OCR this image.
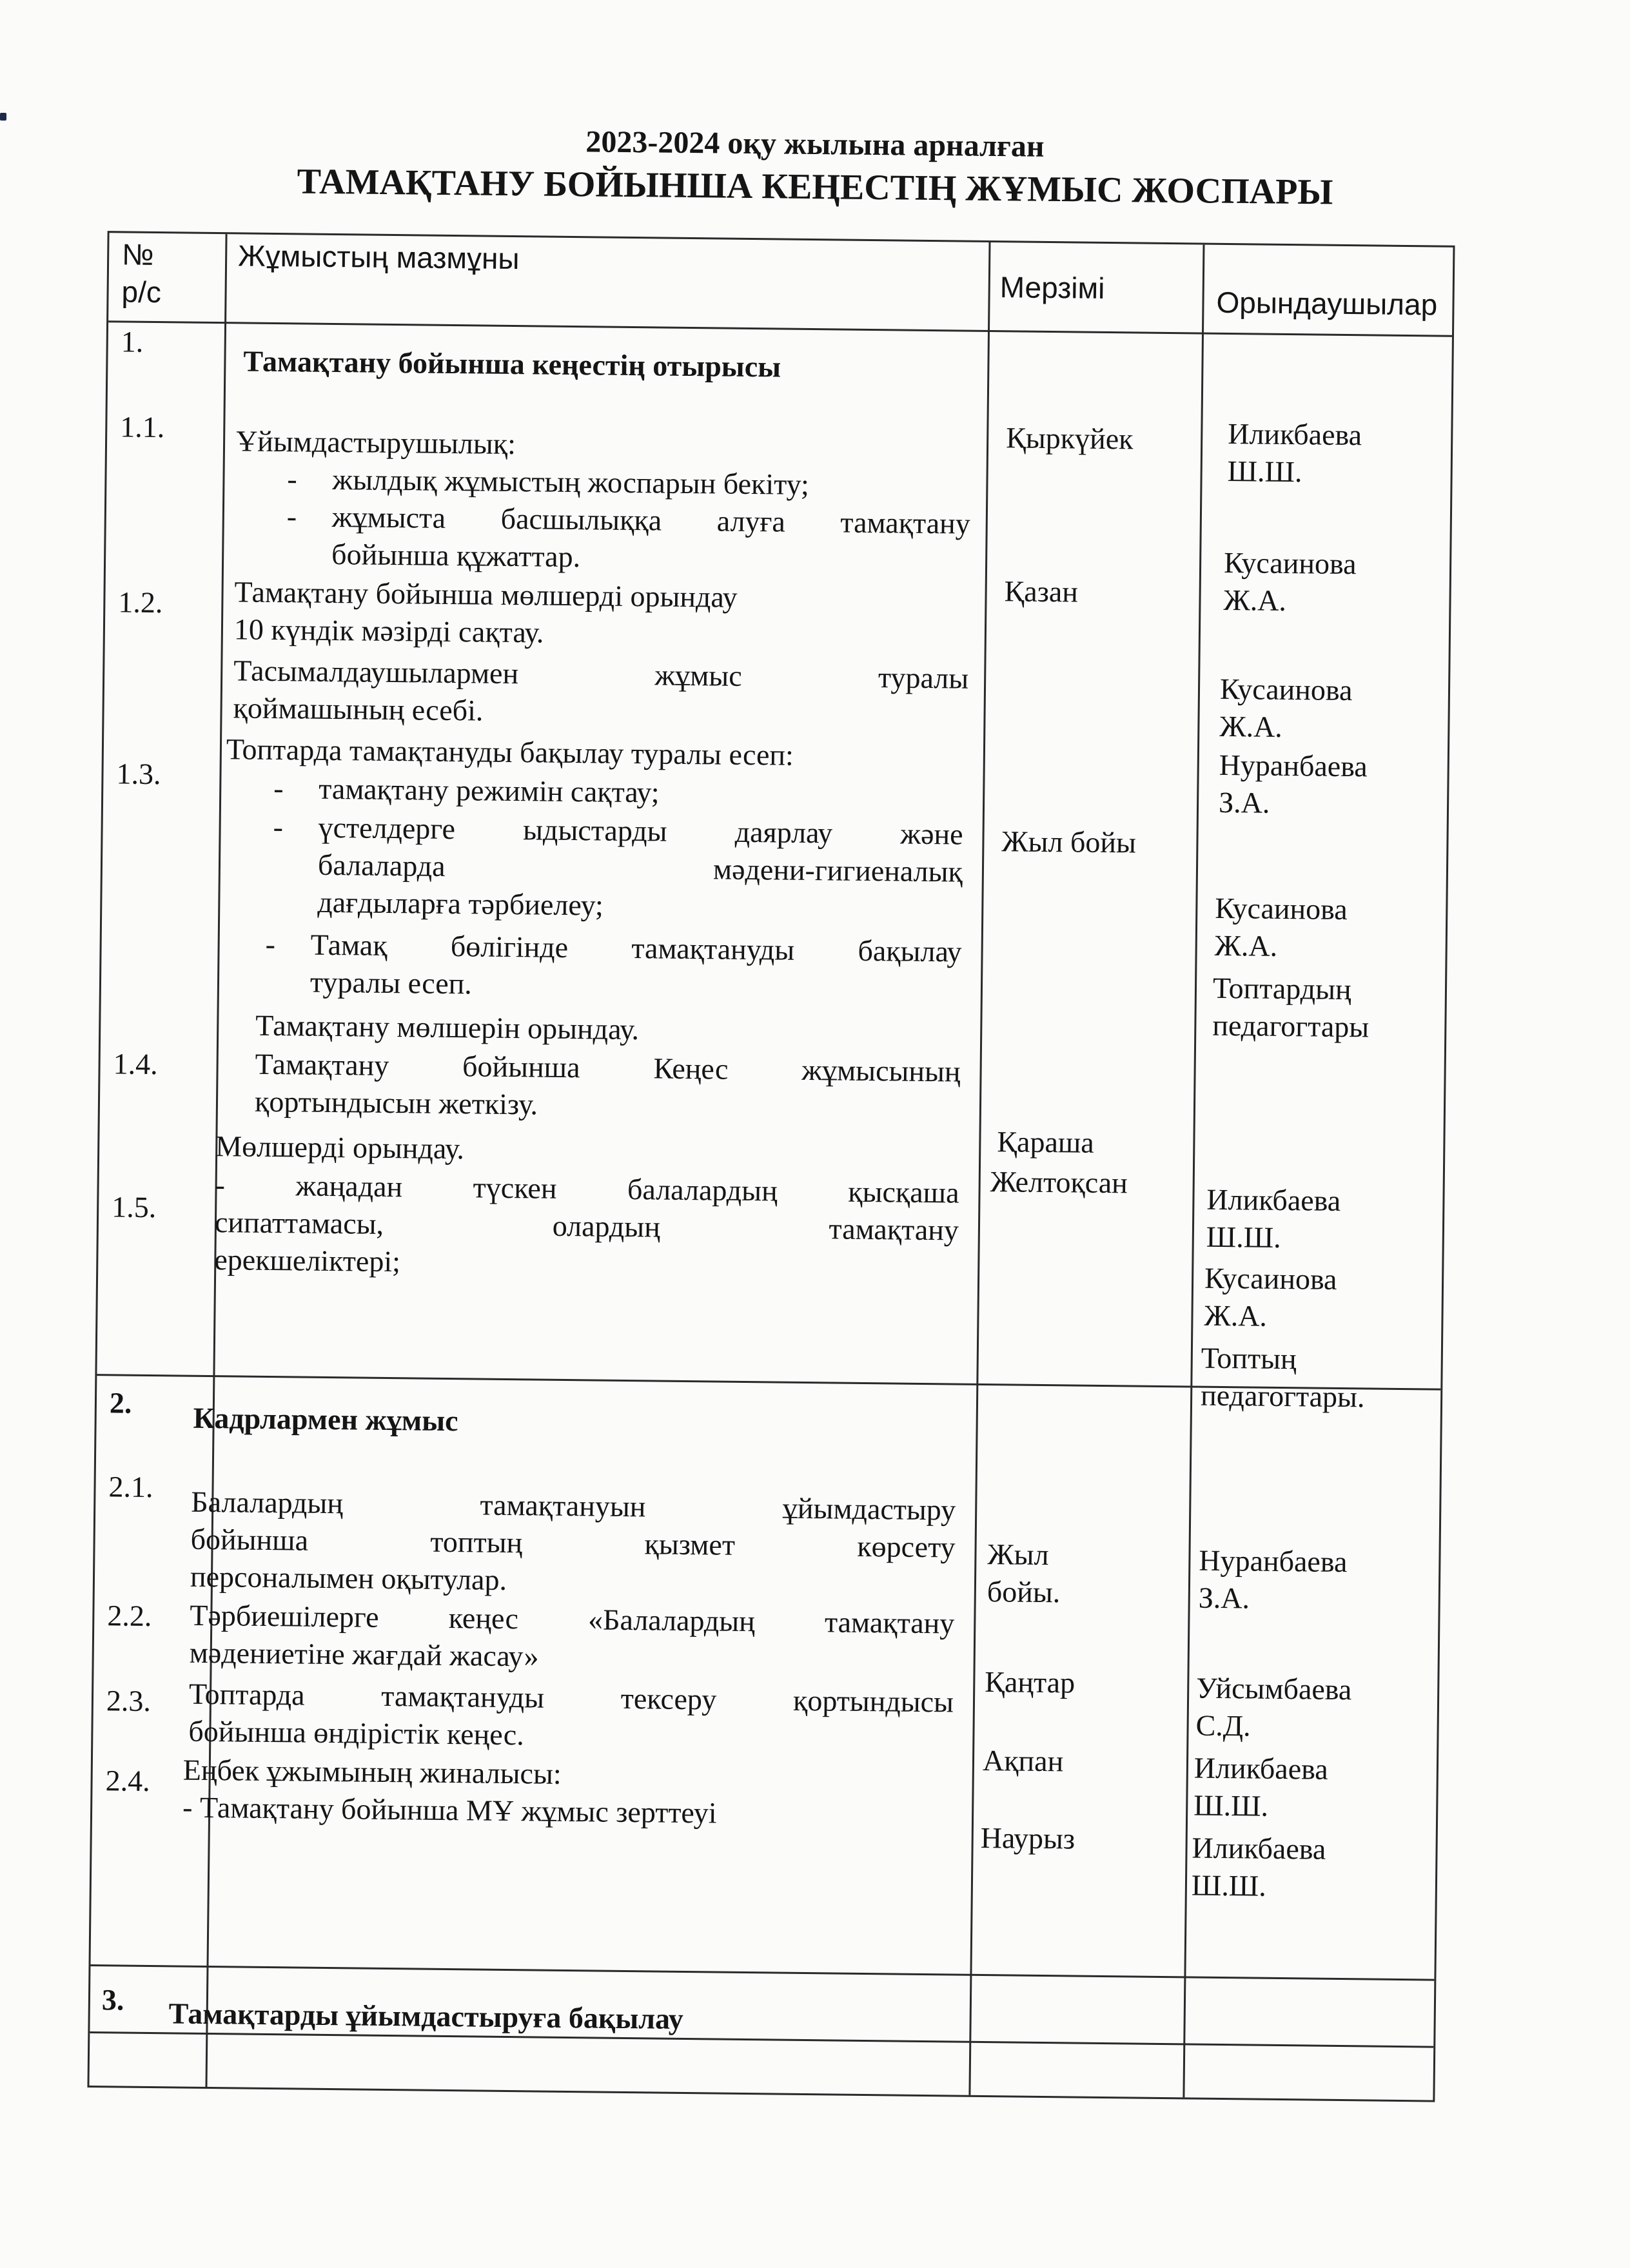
2023-2024 оқу жылына арналған
ТАМАҚТАНУ БОЙЫНША КЕҢЕСТІҢ ЖҰМЫС ЖОСПАРЫ
№
р/с
Жұмыстың мазмұны
Мерзімі	Орындаушылар
1.
1.1.
1.2.
1.3.
1.4.
1.5.
Тамақтану бойынша кеңестің отырысы
Ұйымдастырушылық:
- жылдық жұмыстың жоспарын бекіту;
- жұмыста басшылыққа алуға тамақтану
бойынша құжаттар.
Тамақтану бойынша мөлшерді орындау
10 күндік мәзірді сақтау.
Тасымалдаушылармен жұмыс туралы
қоймашының есебі.
Топтарда тамақтануды бақылау туралы есеп:
- тамақтану режимін сақтау;
- үстелдерге ыдыстарды даярлау және
балаларда мәдени-гигиеналық
дағдыларға тәрбиелеу;
- Тамақ бөлігінде тамақтануды бақылау
туралы есеп.
Тамақтану мөлшерін орындау.
Тамақтану бойынша Кеңес жұмысының
қортындысын жеткізу.
Мөлшерді орындау.
- жаңадан түскен балалардың қысқаша
сипаттамасы, олардың тамақтану
ерекшеліктері;
Қыркүйек
Қазан
Жыл бойы
Қараша
Желтоқсан
Иликбаева
Ш.Ш.
Кусаинова
Ж.А.
Кусаинова
Ж.А.
Нуранбаева
З.А.
Кусаинова
Ж.А.
Топтардың
педагогтары
Иликбаева
Ш.Ш.
Кусаинова
Ж.А.
Топтың
педагогтары.
2.
2.1.
2.2.
2.3.
2.4.
Кадрлармен жұмыс
Балалардың тамақтануын ұйымдастыру
бойынша топтың қызмет көрсету
персоналымен оқытулар.
Тәрбиешілерге кеңес «Балалардың тамақтану
мәдениетіне жағдай жасау»
Топтарда тамақтануды тексеру қортындысы
бойынша өндірістік кеңес.
Еңбек ұжымының жиналысы:
- Тамақтану бойынша МҰ жұмыс зерттеуі
Жыл
бойы.
Қаңтар
Ақпан
Наурыз
Нуранбаева
З.А.
Уйсымбаева
С.Д.
Иликбаева
Ш.Ш.
Иликбаева
Ш.Ш.
3. Тамақтарды ұйымдастыруға бақылау
